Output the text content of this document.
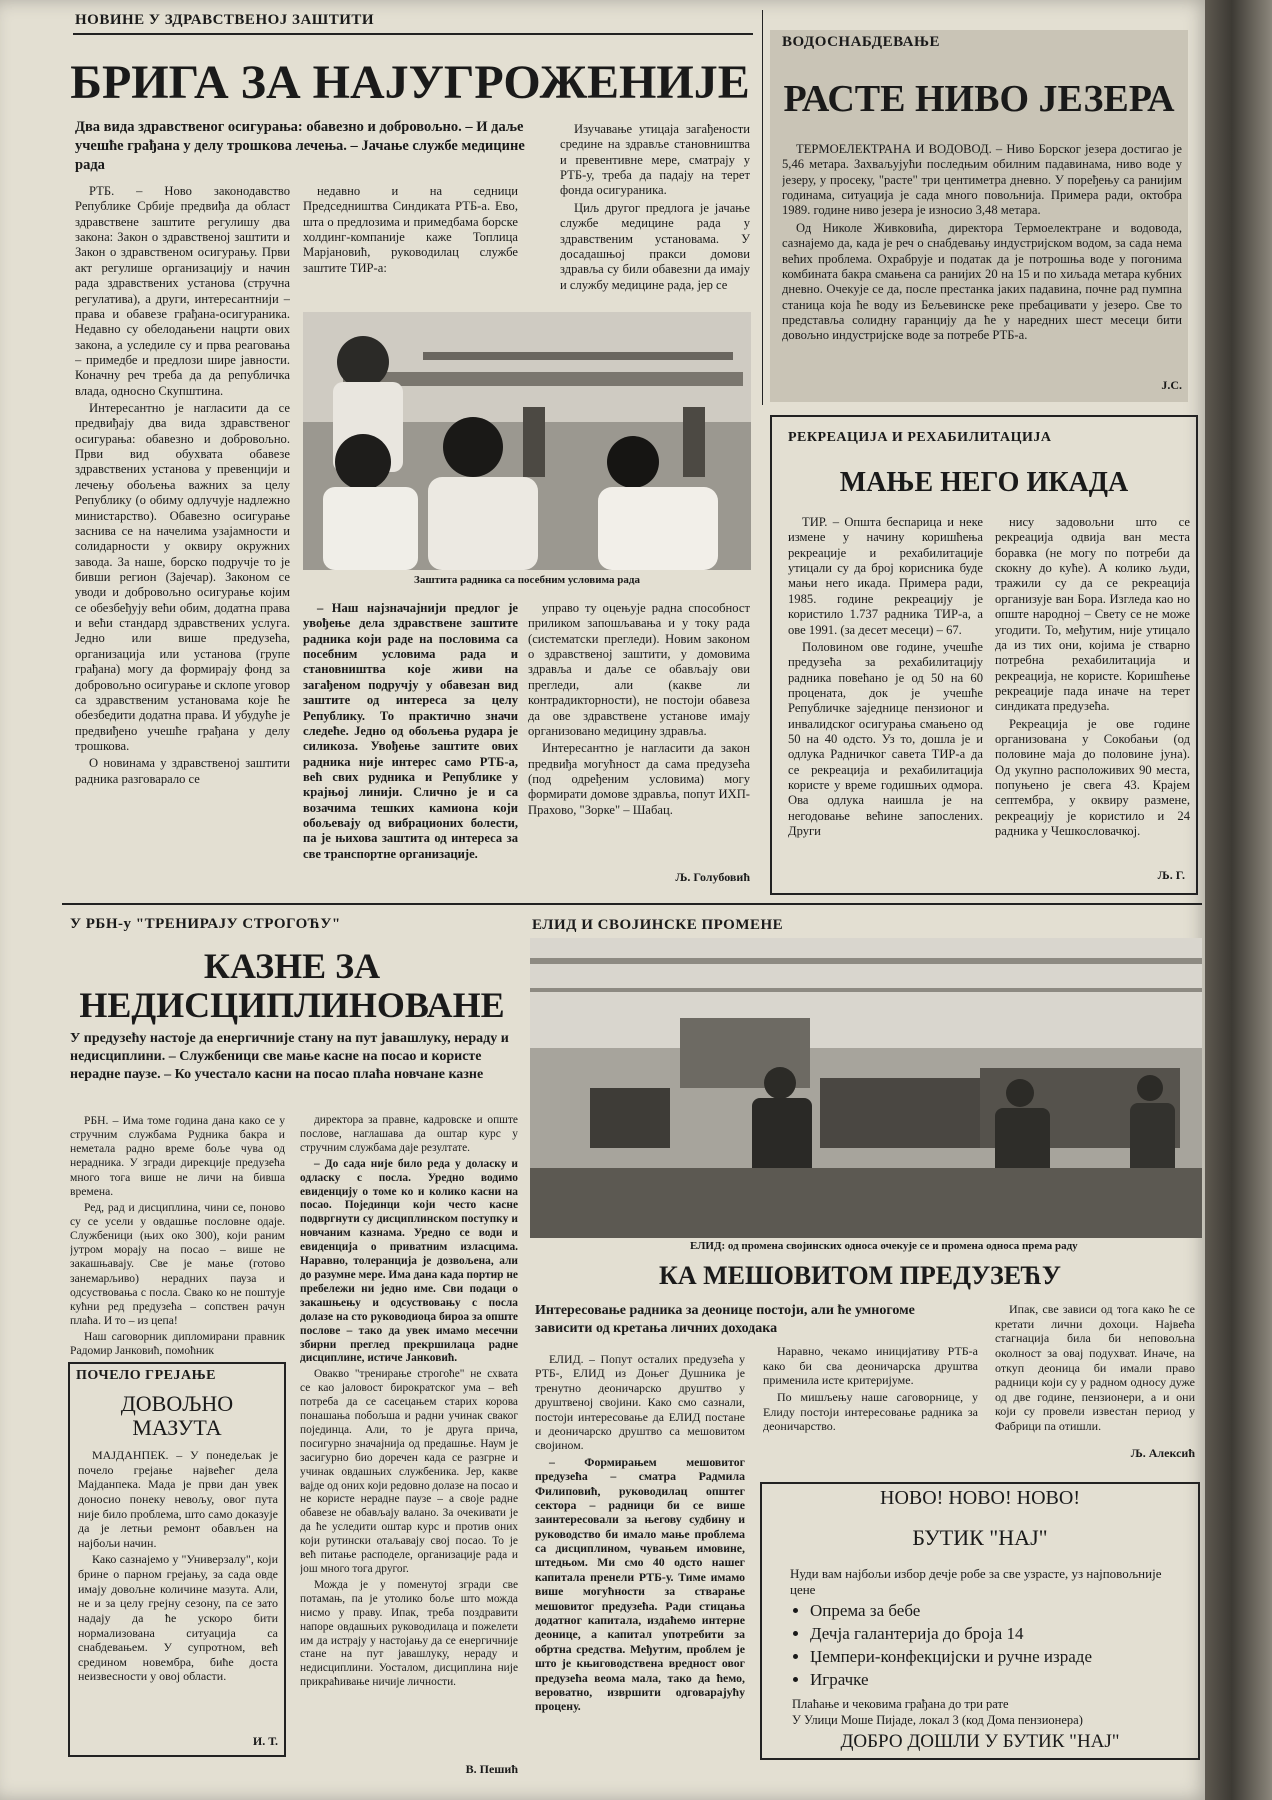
НОВИНЕ У ЗДРАВСТВЕНОЈ ЗАШТИТИ
БРИГА ЗА НАЈУГРОЖЕНИЈЕ
Два вида здравственог осигурања: обавезно и добровољно. – И даље учешће грађана у делу трошкова лечења. – Јачање службе медицине рада

РТБ. – Ново законодавство Републике Србије предвиђа да област здравствене заштите регулишу два закона: Закон о здравственој заштити и Закон о здравственом осигурању. Први акт регулише организацију и начин рада здравствених установа (стручна регулатива), а други, интересантнији – права и обавезе грађана-осигураника. Недавно су обелодањени нацрти ових закона, а уследиле су и прва реаговања – примедбе и предлози шире јавности. Коначну реч треба да да републичка влада, односно Скупштина.

Интересантно је нагласити да се предвиђају два вида здравственог осигурања: обавезно и добровољно. Први вид обухвата обавезе здравствених установа у превенцији и лечењу обољења важних за целу Републику (о обиму одлучује надлежно министарство). Обавезно осигурање заснива се на начелима узајамности и солидарности у оквиру окружних завода. За наше, борско подручје то је бивши регион (Зајечар). Законом се уводи и добровољно осигурање којим се обезбеђују већи обим, додатна права и већи стандард здравствених услуга. Једно или више предузећа, организација или установа (групе грађана) могу да формирају фонд за добровољно осигурање и склопе уговор са здравственим установама које ће обезбедити додатна права. И убудуће је предвиђено учешће грађана у делу трошкова.

О новинама у здравственој заштити радника разговарало се

недавно и на седници Председништва Синдиката РТБ-а. Ево, шта о предлозима и примедбама борске холдинг-компаније каже Топлица Марјановић, руководилац службе заштите ТИР-а:

Изучавање утицаја загађености средине на здравље становништва и превентивне мере, сматрају у РТБ-у, треба да падају на терет фонда осигураника.

Циљ другог предлога је јачање службе медицине рада у здравственим установама. У досадашњој пракси домови здравља су били обавезни да имају и службу медицине рада, јер се

Заштита радника са посебним условима рада

– Наш најзначајнији предлог је увођење дела здравствене заштите радника који раде на пословима са посебним условима рада и становништва које живи на загађеном подручју у обавезан вид заштите од интереса за целу Републику. То практично значи следеће. Једно од обољења рудара је силикоза. Увођење заштите ових радника није интерес само РТБ-а, већ свих рудника и Републике у крајњој линији. Слично је и са возачима тешких камиона који обољевају од вибрационих болести, па је њихова заштита од интереса за све транспортне организације.

управо ту оцењује радна способност приликом запошљавања и у току рада (систематски прегледи). Новим законом о здравственој заштити, у домовима здравља и даље се обављају ови прегледи, али (какве ли контрадикторности), не постоји обавеза да ове здравствене установе имају организовано медицину здравља.

Интересантно је нагласити да закон предвиђа могућност да сама предузећа (под одређеним условима) могу формирати домове здравља, попут ИХП-Прахово, "Зорке" – Шабац.

Љ. Голубовић
ВОДОСНАБДЕВАЊЕ
РАСТЕ НИВО ЈЕЗЕРА

ТЕРМОЕЛЕКТРАНА И ВОДОВОД. – Ниво Борског језера достигао је 5,46 метара. Захваљујући последњим обилним падавинама, ниво воде у језеру, у просеку, "расте" три центиметра дневно. У поређењу са ранијим годинама, ситуација је сада много повољнија. Примера ради, октобра 1989. године ниво језера је износио 3,48 метара.

Од Николе Живковића, директора Термоелектране и водовода, сазнајемо да, када је реч о снабдевању индустријском водом, за сада нема већих проблема. Охрабрује и податак да је потрошња воде у погонима комбината бакра смањена са ранијих 20 на 15 и по хиљада метара кубних дневно. Очекује се да, после престанка јаких падавина, почне рад пумпна станица која ће воду из Бељевинске реке пребацивати у језеро. Све то представља солидну гаранцију да ће у наредних шест месеци бити довољно индустријске воде за потребе РТБ-а.

Ј.С.
РЕКРЕАЦИЈА И РЕХАБИЛИТАЦИЈА
МАЊЕ НЕГО ИКАДА

ТИР. – Општа беспарица и неке измене у начину коришћења рекреације и рехабилитације утицали су да број корисника буде мањи него икада. Примера ради, 1985. године рекреацију је користило 1.737 радника ТИР-а, а ове 1991. (за десет месеци) – 67.

Половином ове године, учешће предузећа за рехабилитацију радника повећано је од 50 на 60 процената, док је учешће Републичке заједнице пензионог и инвалидског осигурања смањено од 50 на 40 одсто. Уз то, дошла је и одлука Радничког савета ТИР-а да се рекреација и рехабилитација користе у време годишњих одмора. Ова одлука наишла је на негодовање већине запослених. Други

нису задовољни што се рекреација одвија ван места боравка (не могу по потреби да скокну до куће). А колико људи, тражили су да се рекреација организује ван Бора. Изгледа као но опште народној – Свету се не може угодити. То, међутим, није утицало да из тих они, којима је стварно потребна рехабилитација и рекреација, не користе. Коришћење рекреације пада иначе на терет синдиката предузећа.

Рекреација је ове године организована у Сокобањи (од половине маја до половине јуна). Од укупно расположивих 90 места, попуњено је свега 43. Крајем септембра, у оквиру размене, рекреацију је користило и 24 радника у Чешкословачкој.

Љ. Г.
У РБН-у "ТРЕНИРАЈУ СТРОГОЋУ"
КАЗНЕ ЗА
НЕДИСЦИПЛИНОВАНЕ
У предузећу настоје да енергичније стану на пут јавашлуку, нераду и недисциплини. – Службеници све мање касне на посао и користе нерадне паузе. – Ко учестало касни на посао плаћа новчане казне

РБН. – Има томе година дана како се у стручним службама Рудника бакра и неметала радно време боље чува од нерадника. У згради дирекције предузећа много тога више не личи на бивша времена.

Ред, рад и дисциплина, чини се, поново су се усели у овдашње пословне одаје. Службеници (њих око 300), који раним јутром морају на посао – више не закашњавају. Све је мање (готово занемарљиво) нерадних пауза и одсуствовања с посла. Свако ко не поштује кућни ред предузећа – сопствен рачун плаћа. И то – из цепа!

Наш саговорник дипломирани правник Радомир Јанковић, помоћник

директора за правне, кадровске и опште послове, наглашава да оштар курс у стручним службама даје резултате.

– До сада није било реда у доласку и одласку с посла. Уредно водимо евиденцију о томе ко и колико касни на посао. Појединци који често касне подвргнути су дисциплинском поступку и новчаним казнама. Уредно се води и евиденција о приватним изласцима. Наравно, толеранција је дозвољена, али до разумне мере. Има дана када портир не пребележи ни једно име. Сви подаци о закашњењу и одсуствовању с посла долазе на сто руководиоца бироа за опште послове – тако да увек имамо месечни збирни преглед прекршилаца радне дисциплине, истиче Јанковић.

Овакво "тренирање строгоће" не схвата се као јаловост бирократског ума – већ потреба да се сасецањем старих корова понашања побољша и радни учинак сваког појединца. Али, то је друга прича, посигурно значајнија од предашње. Наум је засигурно био доречен када се разгрне и учинак овдашњих службеника. Јер, какве вајде од оних који редовно долазе на посао и не користе нерадне паузе – а своје радне обавезе не обављају валано. За очекивати је да ће уследити оштар курс и против оних који рутински отаљавају свој посао. То је већ питање расподеле, организације рада и још много тога другог.

Можда је у поменутој згради све потамањ, па је утолико боље што можда нисмо у праву. Ипак, треба поздравити напоре овдашњих руководилаца и пожелети им да истрају у настојању да се енергичније стане на пут јавашлуку, нераду и недисциплини. Уосталом, дисциплина није прикраћивање ничије личности.

В. Пешић
ПОЧЕЛО ГРЕЈАЊЕ
ДОВОЉНО
МАЗУТА

МАЈДАНПЕК. – У понедељак је почело грејање највећег дела Мајданпека. Мада је први дан увек доносио понеку невољу, овог пута није било проблема, што само доказује да је летњи ремонт обављен на најбољи начин.

Како сазнајемо у "Универзалу", који брине о парном грејању, за сада овде имају довољне количине мазута. Али, не и за целу грејну сезону, па се зато надају да ће ускоро бити нормализована ситуација са снабдевањем. У супротном, већ средином новембра, биће доста неизвесности у овој области.

И. Т.
ЕЛИД И СВОЈИНСКЕ ПРОМЕНЕ
ЕЛИД: од промена својинских односа очекује се и промена односа према раду
КА МЕШОВИТОМ ПРЕДУЗЕЋУ
Интересовање радника за деонице постоји, али ће умногоме зависити од кретања личних доходака

ЕЛИД. – Попут осталих предузећа у РТБ-, ЕЛИД из Доњег Душника је тренутно деоничарско друштво у друштвеној својини. Како смо сазнали, постоји интересовање да ЕЛИД постане и деоничарско друштво са мешовитом својином.

– Формирањем мешовитог предузећа – сматра Радмила Филиповић, руководилац општег сектора – радници би се више заинтересовали за његову судбину и руководство би имало мање проблема са дисциплином, чувањем имовине, штедњом. Ми смо 40 одсто нашег капитала пренели РТБ-у. Тиме имамо више могућности за стварање мешовитог предузећа. Ради стицања додатног капитала, издаћемо интерне деонице, а капитал употребити за обртна средства. Међутим, проблем је што је књиговодствена вредност овог предузећа веома мала, тако да ћемо, вероватно, извршити одговарајућу процену.

Наравно, чекамо иницијативу РТБ-а како би сва деоничарска друштва применила исте критеријуме.

По мишљењу наше саговорнице, у Елиду постоји интересовање радника за деоничарство.

Ипак, све зависи од тога како ће се кретати лични дохоци. Највећа стагнација била би неповољна околност за овај подухват. Иначе, на откуп деоница би имали право радници који су у радном односу дуже од две године, пензионери, а и они који су провели известан период у Фабрици па отишли.

Љ. Алексић
НОВО! НОВО! НОВО!
БУТИК "НАЈ"
Нуди вам најбољи избор дечје робе за све узрасте, уз најповољније цене
• Опрема за бебе
• Дечја галантерија до броја 14
• Џемпери-конфекцијски и ручне израде
• Играчке
Плаћање и чековима грађана до три рате
У Улици Моше Пијаде, локал 3 (код Дома пензионера)
ДОБРО ДОШЛИ У БУТИК "НАЈ"
